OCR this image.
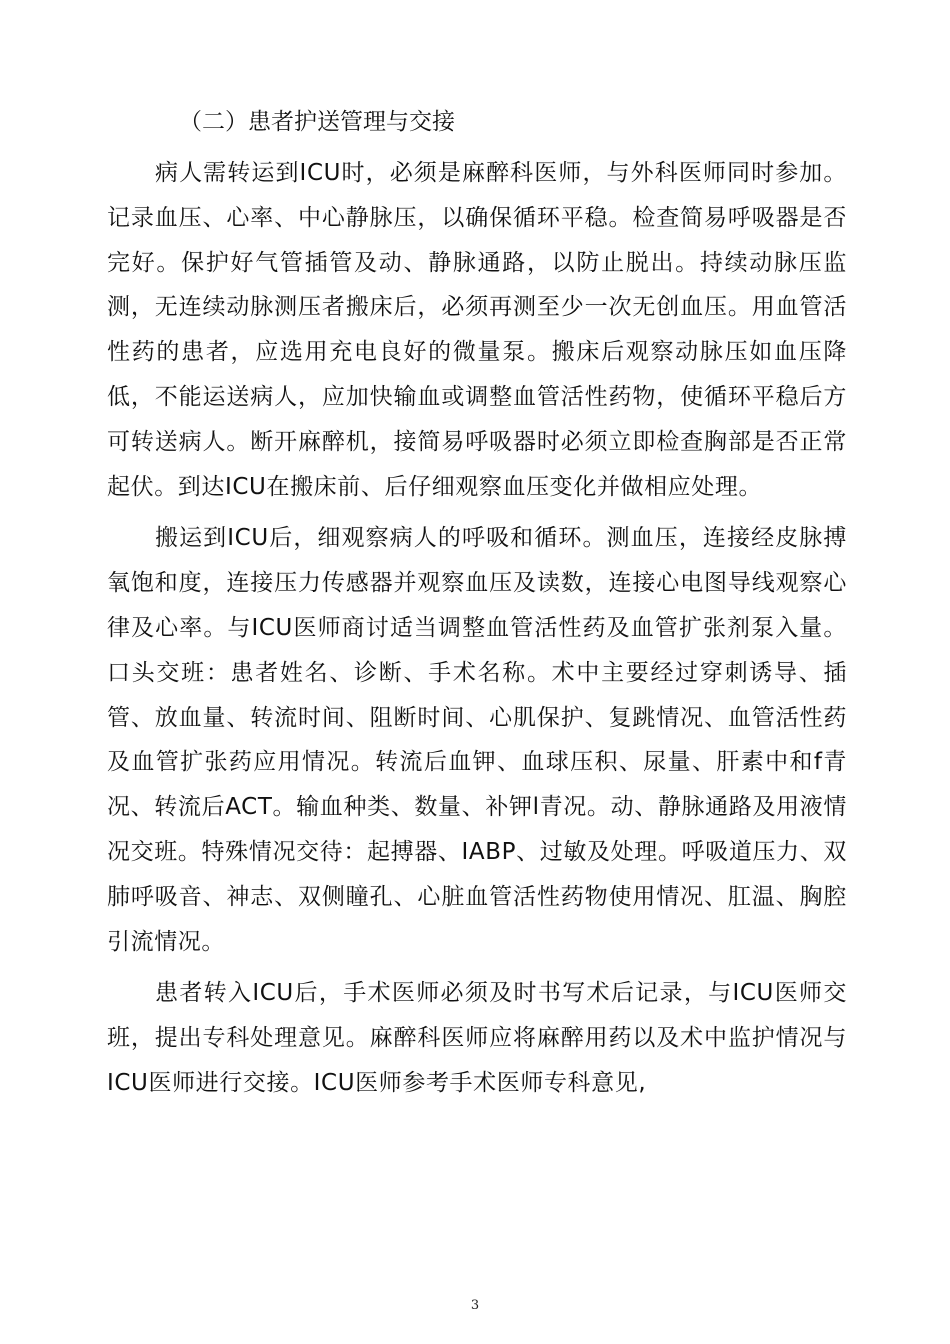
（二）患者护送管理与交接

病人需转运到ICU时，必须是麻醉科医师，与外科医师同时参加。记录血压、心率、中心静脉压，以确保循环平稳。检查简易呼吸器是否完好。保护好气管插管及动、静脉通路，以防止脱出。持续动脉压监测，无连续动脉测压者搬床后，必须再测至少一次无创血压。用血管活性药的患者，应选用充电良好的微量泵。搬床后观察动脉压如血压降低，不能运送病人，应加快输血或调整血管活性药物，使循环平稳后方可转送病人。断开麻醉机，接简易呼吸器时必须立即检查胸部是否正常起伏。到达ICU在搬床前、后仔细观察血压变化并做相应处理。

搬运到ICU后，细观察病人的呼吸和循环。测血压，连接经皮脉搏氧饱和度，连接压力传感器并观察血压及读数，连接心电图导线观察心律及心率。与ICU医师商讨适当调整血管活性药及血管扩张剂泵入量。口头交班：患者姓名、诊断、手术名称。术中主要经过穿刺诱导、插管、放血量、转流时间、阻断时间、心肌保护、复跳情况、血管活性药及血管扩张药应用情况。转流后血钾、血球压积、尿量、肝素中和f青况、转流后ACT。输血种类、数量、补钾l青况。动、静脉通路及用液情况交班。特殊情况交待：起搏器、IABP、过敏及处理。呼吸道压力、双肺呼吸音、神志、双侧瞳孔、心脏血管活性药物使用情况、肛温、胸腔引流情况。

患者转入ICU后，手术医师必须及时书写术后记录，与ICU医师交班，提出专科处理意见。麻醉科医师应将麻醉用药以及术中监护情况与ICU医师进行交接。ICU医师参考手术医师专科意见,

3
